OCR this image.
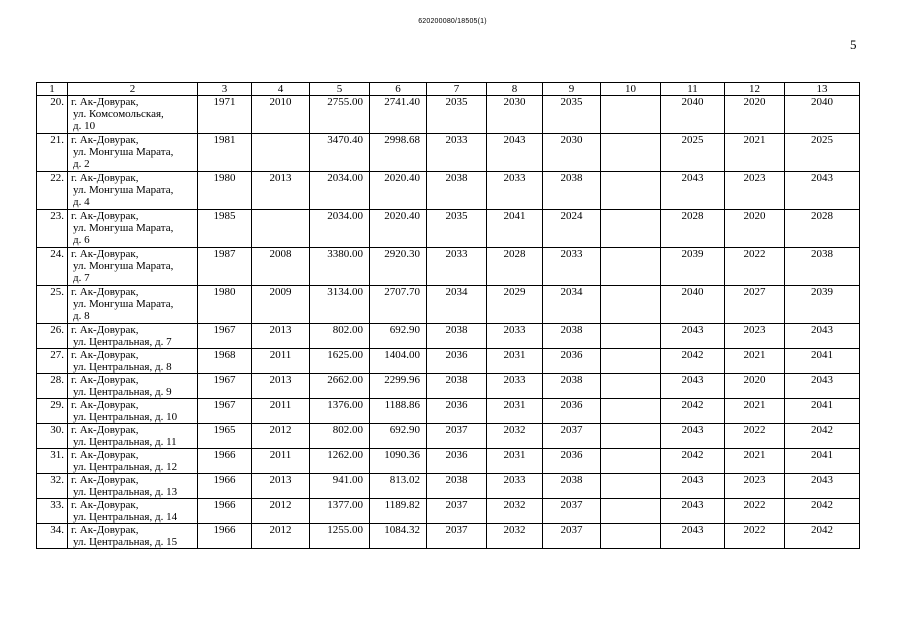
620200080/18505(1)
5
1	2	3	4	5	6	7	8	9	10	11	12	13
20.	г. Ак-Довурак,
ул. Комсомольская,
д. 10	1971	2010	2755.00	2741.40	2035	2030	2035		2040	2020	2040
21.	г. Ак-Довурак,
ул. Монгуша Марата,
д. 2	1981		3470.40	2998.68	2033	2043	2030		2025	2021	2025
22.	г. Ак-Довурак,
ул. Монгуша Марата,
д. 4	1980	2013	2034.00	2020.40	2038	2033	2038		2043	2023	2043
23.	г. Ак-Довурак,
ул. Монгуша Марата,
д. 6	1985		2034.00	2020.40	2035	2041	2024		2028	2020	2028
24.	г. Ак-Довурак,
ул. Монгуша Марата,
д. 7	1987	2008	3380.00	2920.30	2033	2028	2033		2039	2022	2038
25.	г. Ак-Довурак,
ул. Монгуша Марата,
д. 8	1980	2009	3134.00	2707.70	2034	2029	2034		2040	2027	2039
26.	г. Ак-Довурак,
ул. Центральная, д. 7	1967	2013	802.00	692.90	2038	2033	2038		2043	2023	2043
27.	г. Ак-Довурак,
ул. Центральная, д. 8	1968	2011	1625.00	1404.00	2036	2031	2036		2042	2021	2041
28.	г. Ак-Довурак,
ул. Центральная, д. 9	1967	2013	2662.00	2299.96	2038	2033	2038		2043	2020	2043
29.	г. Ак-Довурак,
ул. Центральная, д. 10	1967	2011	1376.00	1188.86	2036	2031	2036		2042	2021	2041
30.	г. Ак-Довурак,
ул. Центральная, д. 11	1965	2012	802.00	692.90	2037	2032	2037		2043	2022	2042
31.	г. Ак-Довурак,
ул. Центральная, д. 12	1966	2011	1262.00	1090.36	2036	2031	2036		2042	2021	2041
32.	г. Ак-Довурак,
ул. Центральная, д. 13	1966	2013	941.00	813.02	2038	2033	2038		2043	2023	2043
33.	г. Ак-Довурак,
ул. Центральная, д. 14	1966	2012	1377.00	1189.82	2037	2032	2037		2043	2022	2042
34.	г. Ак-Довурак,
ул. Центральная, д. 15	1966	2012	1255.00	1084.32	2037	2032	2037		2043	2022	2042
